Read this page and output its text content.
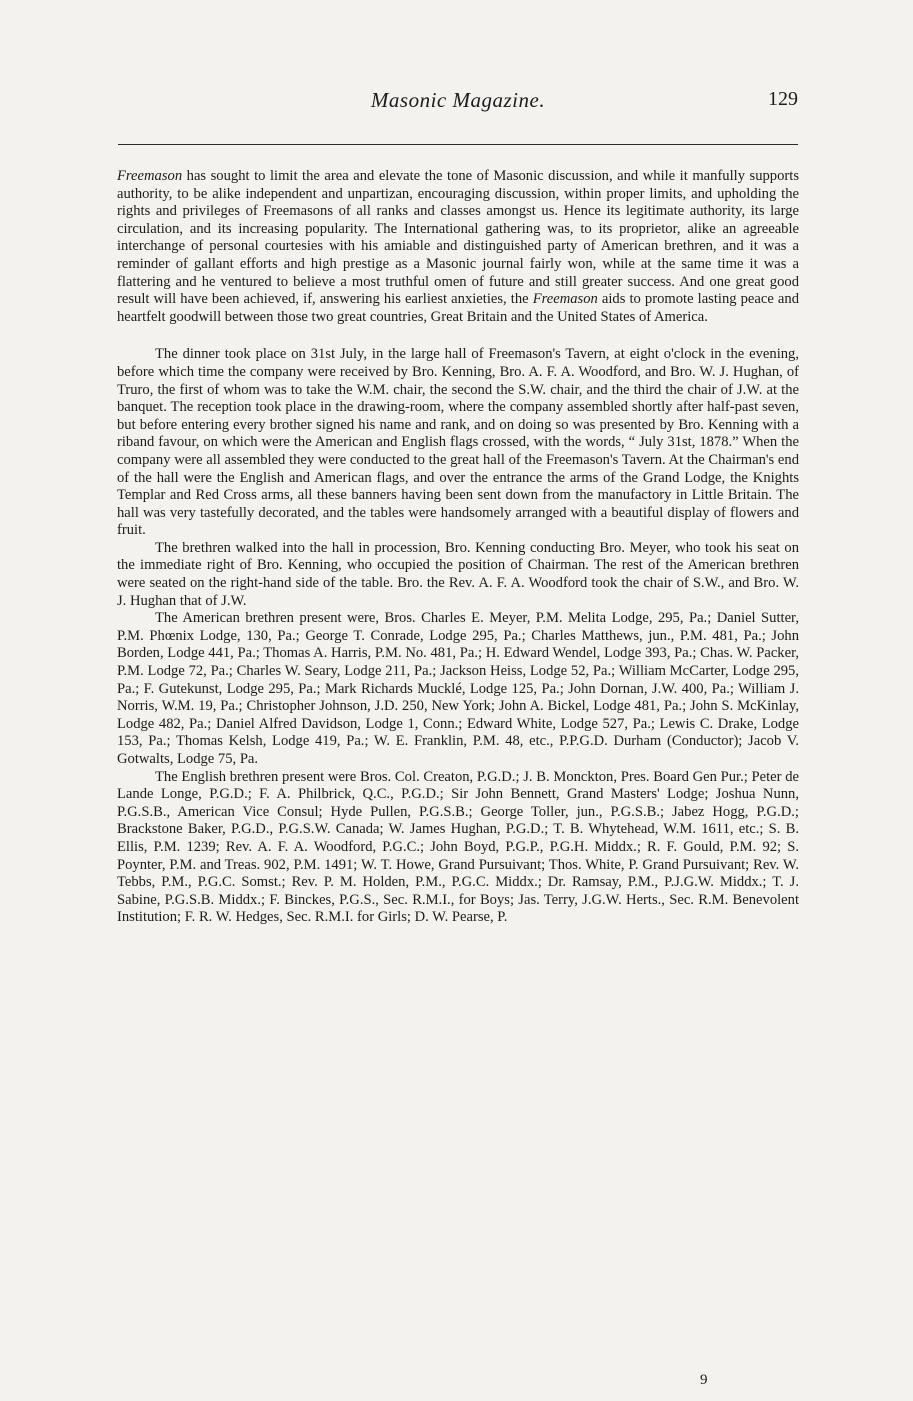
Masonic Magazine.	129

Freemason has sought to limit the area and elevate the tone of Masonic discussion, and while it manfully supports authority, to be alike independent and unpartizan, encouraging discussion, within proper limits, and upholding the rights and privileges of Freemasons of all ranks and classes amongst us. Hence its legitimate authority, its large circulation, and its increasing popularity. The International gathering was, to its proprietor, alike an agreeable interchange of personal courtesies with his amiable and distinguished party of American brethren, and it was a reminder of gallant efforts and high prestige as a Masonic journal fairly won, while at the same time it was a flattering and he ventured to believe a most truthful omen of future and still greater success. And one great good result will have been achieved, if, answering his earliest anxieties, the Freemason aids to promote lasting peace and heartfelt goodwill between those two great countries, Great Britain and the United States of America.

The dinner took place on 31st July, in the large hall of Freemason's Tavern, at eight o'clock in the evening, before which time the company were received by Bro. Kenning, Bro. A. F. A. Woodford, and Bro. W. J. Hughan, of Truro, the first of whom was to take the W.M. chair, the second the S.W. chair, and the third the chair of J.W. at the banquet. The reception took place in the drawing-room, where the company assembled shortly after half-past seven, but before entering every brother signed his name and rank, and on doing so was presented by Bro. Kenning with a riband favour, on which were the American and English flags crossed, with the words, “ July 31st, 1878.” When the company were all assembled they were conducted to the great hall of the Freemason's Tavern. At the Chairman's end of the hall were the English and American flags, and over the entrance the arms of the Grand Lodge, the Knights Templar and Red Cross arms, all these banners having been sent down from the manufactory in Little Britain. The hall was very tastefully decorated, and the tables were handsomely arranged with a beautiful display of flowers and fruit.

The brethren walked into the hall in procession, Bro. Kenning conducting Bro. Meyer, who took his seat on the immediate right of Bro. Kenning, who occupied the position of Chairman. The rest of the American brethren were seated on the right-hand side of the table. Bro. the Rev. A. F. A. Woodford took the chair of S.W., and Bro. W. J. Hughan that of J.W.

The American brethren present were, Bros. Charles E. Meyer, P.M. Melita Lodge, 295, Pa.; Daniel Sutter, P.M. Phœnix Lodge, 130, Pa.; George T. Conrade, Lodge 295, Pa.; Charles Matthews, jun., P.M. 481, Pa.; John Borden, Lodge 441, Pa.; Thomas A. Harris, P.M. No. 481, Pa.; H. Edward Wendel, Lodge 393, Pa.; Chas. W. Packer, P.M. Lodge 72, Pa.; Charles W. Seary, Lodge 211, Pa.; Jackson Heiss, Lodge 52, Pa.; William McCarter, Lodge 295, Pa.; F. Gutekunst, Lodge 295, Pa.; Mark Richards Mucklé, Lodge 125, Pa.; John Dornan, J.W. 400, Pa.; William J. Norris, W.M. 19, Pa.; Christopher Johnson, J.D. 250, New York; John A. Bickel, Lodge 481, Pa.; John S. McKinlay, Lodge 482, Pa.; Daniel Alfred Davidson, Lodge 1, Conn.; Edward White, Lodge 527, Pa.; Lewis C. Drake, Lodge 153, Pa.; Thomas Kelsh, Lodge 419, Pa.; W. E. Franklin, P.M. 48, etc., P.P.G.D. Durham (Conductor); Jacob V. Gotwalts, Lodge 75, Pa.

The English brethren present were Bros. Col. Creaton, P.G.D.; J. B. Monckton, Pres. Board Gen Pur.; Peter de Lande Longe, P.G.D.; F. A. Philbrick, Q.C., P.G.D.; Sir John Bennett, Grand Masters' Lodge; Joshua Nunn, P.G.S.B., American Vice Consul; Hyde Pullen, P.G.S.B.; George Toller, jun., P.G.S.B.; Jabez Hogg, P.G.D.; Brackstone Baker, P.G.D., P.G.S.W. Canada; W. James Hughan, P.G.D.; T. B. Whytehead, W.M. 1611, etc.; S. B. Ellis, P.M. 1239; Rev. A. F. A. Woodford, P.G.C.; John Boyd, P.G.P., P.G.H. Middx.; R. F. Gould, P.M. 92; S. Poynter, P.M. and Treas. 902, P.M. 1491; W. T. Howe, Grand Pursuivant; Thos. White, P. Grand Pursuivant; Rev. W. Tebbs, P.M., P.G.C. Somst.; Rev. P. M. Holden, P.M., P.G.C. Middx.; Dr. Ramsay, P.M., P.J.G.W. Middx.; T. J. Sabine, P.G.S.B. Middx.; F. Binckes, P.G.S., Sec. R.M.I., for Boys; Jas. Terry, J.G.W. Herts., Sec. R.M. Benevolent Institution; F. R. W. Hedges, Sec. R.M.I. for Girls; D. W. Pearse, P.

9
